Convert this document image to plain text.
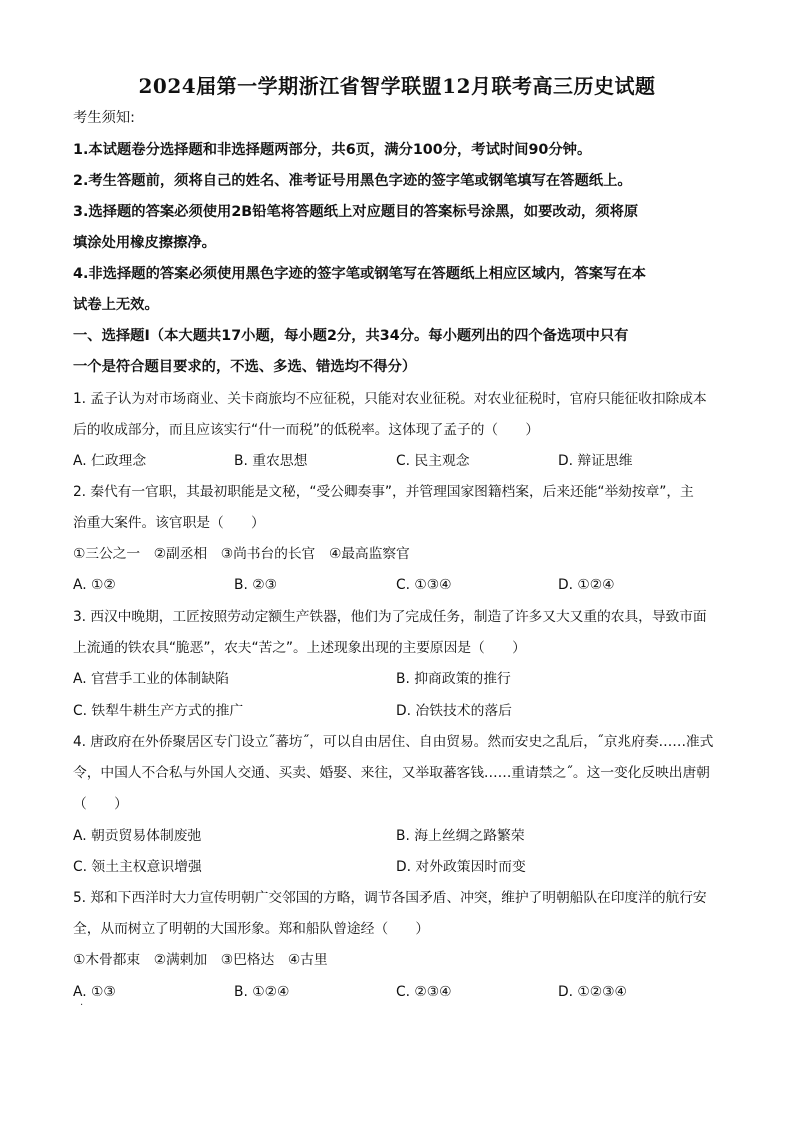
2024届第一学期浙江省智学联盟12月联考高三历史试题
考生须知:
1.本试题卷分选择题和非选择题两部分，共6页，满分100分，考试时间90分钟。
2.考生答题前，须将自己的姓名、准考证号用黑色字迹的签字笔或钢笔填写在答题纸上。
3.选择题的答案必须使用2B铅笔将答题纸上对应题目的答案标号涂黑，如要改动，须将原
填涂处用橡皮擦擦净。
4.非选择题的答案必须使用黑色字迹的签字笔或钢笔写在答题纸上相应区域内，答案写在本
试卷上无效。
一、选择题Ⅰ（本大题共17小题，每小题2分，共34分。每小题列出的四个备选项中只有
一个是符合题目要求的，不选、多选、错选均不得分）
1. 孟子认为对市场商业、关卡商旅均不应征税，只能对农业征税。对农业征税时，官府只能征收扣除成本
后的收成部分，而且应该实行“什一而税”的低税率。这体现了孟子的（　　）
A. 仁政理念	B. 重农思想	C. 民主观念	D. 辩证思维
2. 秦代有一官职，其最初职能是文秘，“受公卿奏事”，并管理国家图籍档案，后来还能“举劾按章”，主
治重大案件。该官职是（　　）
①三公之一　②副丞相　③尚书台的长官　④最高监察官
A. ①②	B. ②③	C. ①③④	D. ①②④
3. 西汉中晚期，工匠按照劳动定额生产铁器，他们为了完成任务，制造了许多又大又重的农具，导致市面
上流通的铁农具“脆恶”，农夫“苦之”。上述现象出现的主要原因是（　　）
A. 官营手工业的体制缺陷	B. 抑商政策的推行
C. 铁犁牛耕生产方式的推广	D. 冶铁技术的落后
4. 唐政府在外侨聚居区专门设立˝蕃坊˝，可以自由居住、自由贸易。然而安史之乱后，˝京兆府奏……准式
令，中国人不合私与外国人交通、买卖、婚娶、来往，又举取蕃客钱……重请禁之˝。这一变化反映出唐朝
（　　）
A. 朝贡贸易体制废弛	B. 海上丝绸之路繁荣
C. 领土主权意识增强	D. 对外政策因时而变
5. 郑和下西洋时大力宣传明朝广交邻国的方略，调节各国矛盾、冲突，维护了明朝船队在印度洋的航行安
全，从而树立了明朝的大国形象。郑和船队曾途经（　　）
①木骨都束　②满剌加　③巴格达　④古里
A. ①③	B. ①②④	C. ②③④	D. ①②③④
·
